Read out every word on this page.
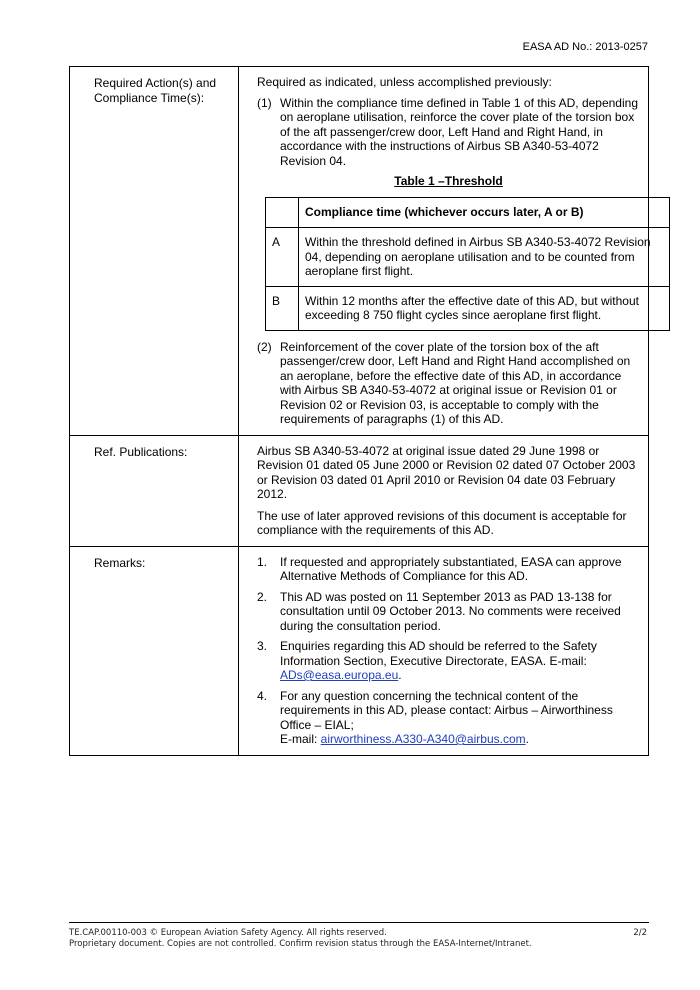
EASA AD No.: 2013-0257
Required Action(s) and Compliance Time(s):	
Required as indicated, unless accomplished previously:
(1) Within the compliance time defined in Table 1 of this AD, depending on aeroplane utilisation, reinforce the cover plate of the torsion box of the aft passenger/crew door, Left Hand and Right Hand, in accordance with the instructions of Airbus SB A340-53-4072 Revision 04.
Table 1 –Threshold
	Compliance time (whichever occurs later, A or B)
A	Within the threshold defined in Airbus SB A340-53-4072 Revision 04, depending on aeroplane utilisation and to be counted from aeroplane first flight.
B	Within 12 months after the effective date of this AD, but without exceeding 8 750 flight cycles since aeroplane first flight.
(2) Reinforcement of the cover plate of the torsion box of the aft passenger/crew door, Left Hand and Right Hand accomplished on an aeroplane, before the effective date of this AD, in accordance with Airbus SB A340-53-4072 at original issue or Revision 01 or Revision 02 or Revision 03, is acceptable to comply with the requirements of paragraphs (1) of this AD.

Ref. Publications:	Airbus SB A340-53-4072 at original issue dated 29 June 1998 or Revision 01 dated 05 June 2000 or Revision 02 dated 07 October 2003 or Revision 03 dated 01 April 2010 or Revision 04 date 03 February 2012.
The use of later approved revisions of this document is acceptable for compliance with the requirements of this AD.

Remarks:	1.	If requested and appropriately substantiated, EASA can approve Alternative Methods of Compliance for this AD.
2.	This AD was posted on 11 September 2013 as PAD 13-138 for consultation until 09 October 2013. No comments were received during the consultation period.
3.	Enquiries regarding this AD should be referred to the Safety Information Section, Executive Directorate, EASA. E-mail: ADs@easa.europa.eu.
4.	For any question concerning the technical content of the requirements in this AD, please contact: Airbus – Airworthiness Office – EIAL;
E-mail: airworthiness.A330-A340@airbus.com.
TE.CAP.00110-003 © European Aviation Safety Agency. All rights reserved.
Proprietary document. Copies are not controlled. Confirm revision status through the EASA-Internet/Intranet.
2/2
